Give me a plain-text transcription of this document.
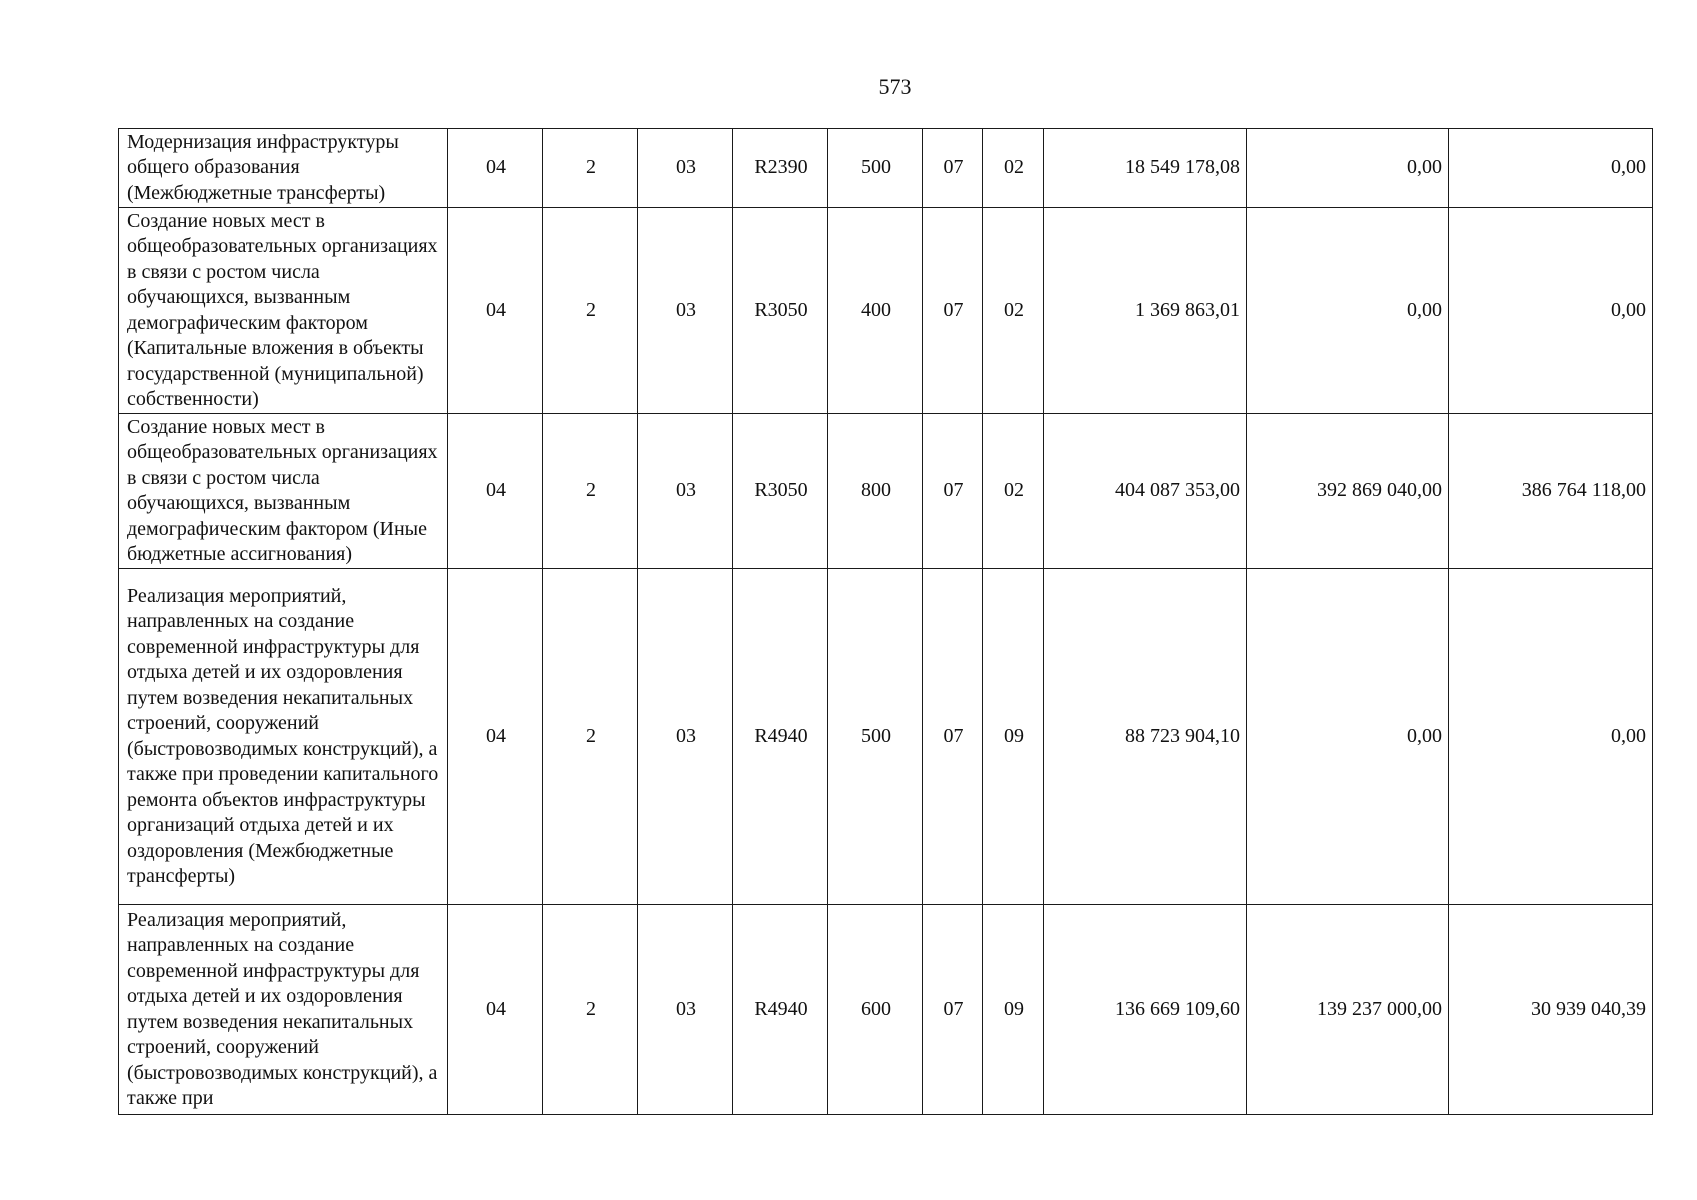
573
Модернизация инфраструктуры общего образования (Межбюджетные трансферты)	04	2	03	R2390	500	07	02	18 549 178,08	0,00	0,00
Создание новых мест в общеобразовательных организациях в связи с ростом числа обучающихся, вызванным демографическим фактором (Капитальные вложения в объекты государственной (муниципальной) собственности)	04	2	03	R3050	400	07	02	1 369 863,01	0,00	0,00
Создание новых мест в общеобразовательных организациях в связи с ростом числа обучающихся, вызванным демографическим фактором (Иные бюджетные ассигнования)	04	2	03	R3050	800	07	02	404 087 353,00	392 869 040,00	386 764 118,00
Реализация мероприятий, направленных на создание современной инфраструктуры для отдыха детей и их оздоровления путем возведения некапитальных строений, сооружений (быстровозводимых конструкций), а также при проведении капитального ремонта объектов инфраструктуры организаций отдыха детей и их оздоровления (Межбюджетные трансферты)	04	2	03	R4940	500	07	09	88 723 904,10	0,00	0,00
Реализация мероприятий, направленных на создание современной инфраструктуры для отдыха детей и их оздоровления путем возведения некапитальных строений, сооружений (быстровозводимых конструкций), а также при	04	2	03	R4940	600	07	09	136 669 109,60	139 237 000,00	30 939 040,39
